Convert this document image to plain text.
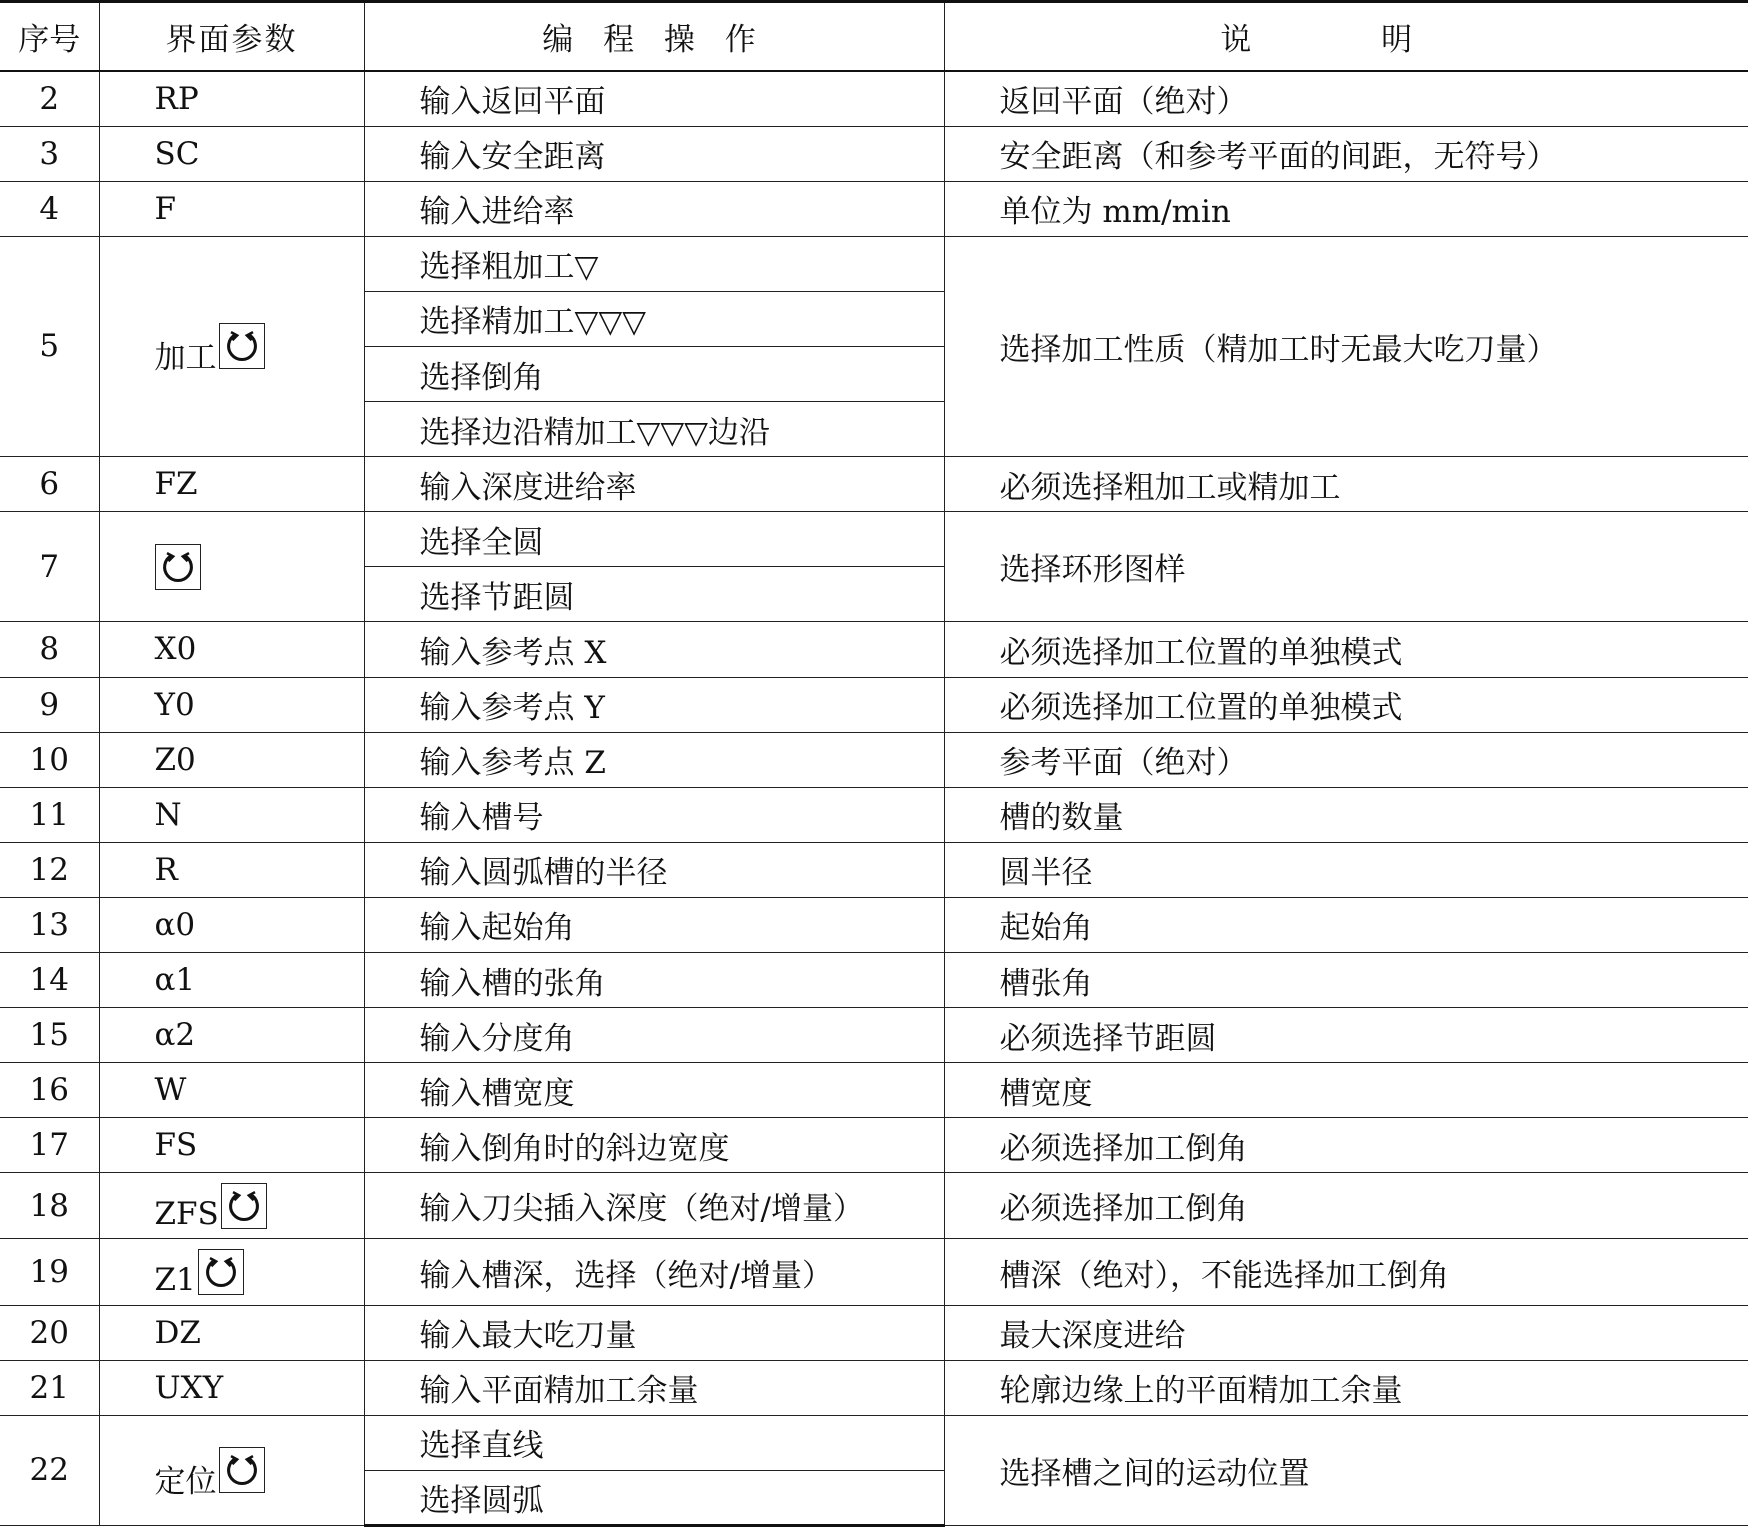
序号	界面参数	编 程 操 作	说 明
2	RP	输入返回平面	返回平面（绝对）
3	SC	输入安全距离	安全距离（和参考平面的间距，无符号）
4	F	输入进给率	单位为 mm/min
5	加工	选择粗加工▽	选择加工性质（精加工时无最大吃刀量）
		选择精加工▽▽▽	
		选择倒角	
		选择边沿精加工▽▽▽边沿	
6	FZ	输入深度进给率	必须选择粗加工或精加工
7		选择全圆	选择环形图样
		选择节距圆	
8	X0	输入参考点 X	必须选择加工位置的单独模式
9	Y0	输入参考点 Y	必须选择加工位置的单独模式
10	Z0	输入参考点 Z	参考平面（绝对）
11	N	输入槽号	槽的数量
12	R	输入圆弧槽的半径	圆半径
13	α0	输入起始角	起始角
14	α1	输入槽的张角	槽张角
15	α2	输入分度角	必须选择节距圆
16	W	输入槽宽度	槽宽度
17	FS	输入倒角时的斜边宽度	必须选择加工倒角
18	ZFS	输入刀尖插入深度（绝对/增量）	必须选择加工倒角
19	Z1	输入槽深，选择（绝对/增量）	槽深（绝对），不能选择加工倒角
20	DZ	输入最大吃刀量	最大深度进给
21	UXY	输入平面精加工余量	轮廓边缘上的平面精加工余量
22	定位	选择直线	选择槽之间的运动位置
		选择圆弧	
